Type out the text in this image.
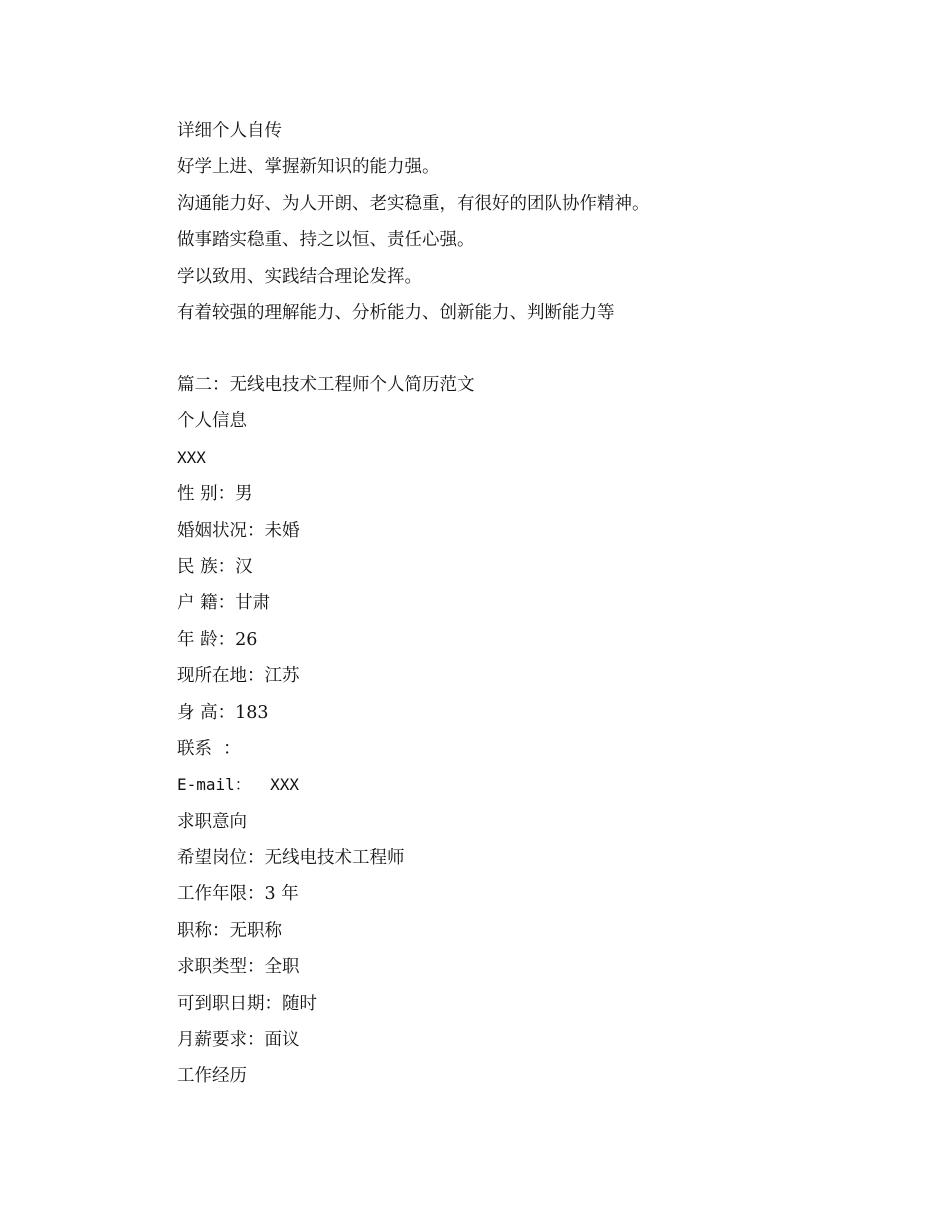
详细个人自传
好学上进、掌握新知识的能力强。
沟通能力好、为人开朗、老实稳重，有很好的团队协作精神。
做事踏实稳重、持之以恒、责任心强。
学以致用、实践结合理论发挥。
有着较强的理解能力、分析能力、创新能力、判断能力等
篇二：无线电技术工程师个人简历范文
个人信息
XXX
性 别：男
婚姻状况：未婚
民 族：汉
户 籍：甘肃
年 龄：26
现所在地：江苏
身 高：183
联系  ：
E-mail：  XXX
求职意向
希望岗位：无线电技术工程师
工作年限：3 年
职称：无职称
求职类型：全职
可到职日期：随时
月薪要求：面议
工作经历
